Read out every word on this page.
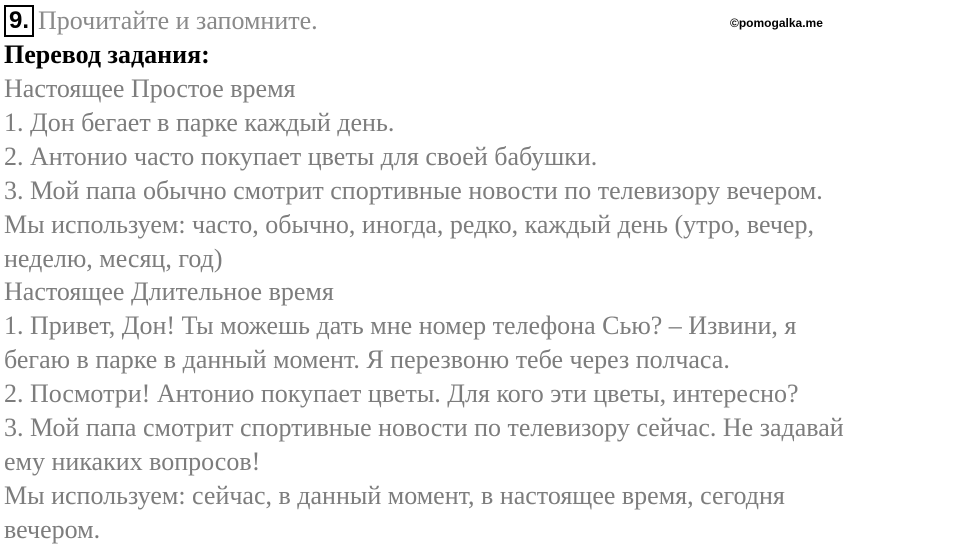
9. Прочитайте и запомните.	©pomogalka.me
Перевод задания:
Настоящее Простое время
1. Дон бегает в парке каждый день.
2. Антонио часто покупает цветы для своей бабушки.
3. Мой папа обычно смотрит спортивные новости по телевизору вечером.
Мы используем: часто, обычно, иногда, редко, каждый день (утро, вечер,
неделю, месяц, год)
Настоящее Длительное время
1. Привет, Дон! Ты можешь дать мне номер телефона Сью? – Извини, я
бегаю в парке в данный момент. Я перезвоню тебе через полчаса.
2. Посмотри! Антонио покупает цветы. Для кого эти цветы, интересно?
3. Мой папа смотрит спортивные новости по телевизору сейчас. Не задавай
ему никаких вопросов!
Мы используем: сейчас, в данный момент, в настоящее время, сегодня
вечером.
